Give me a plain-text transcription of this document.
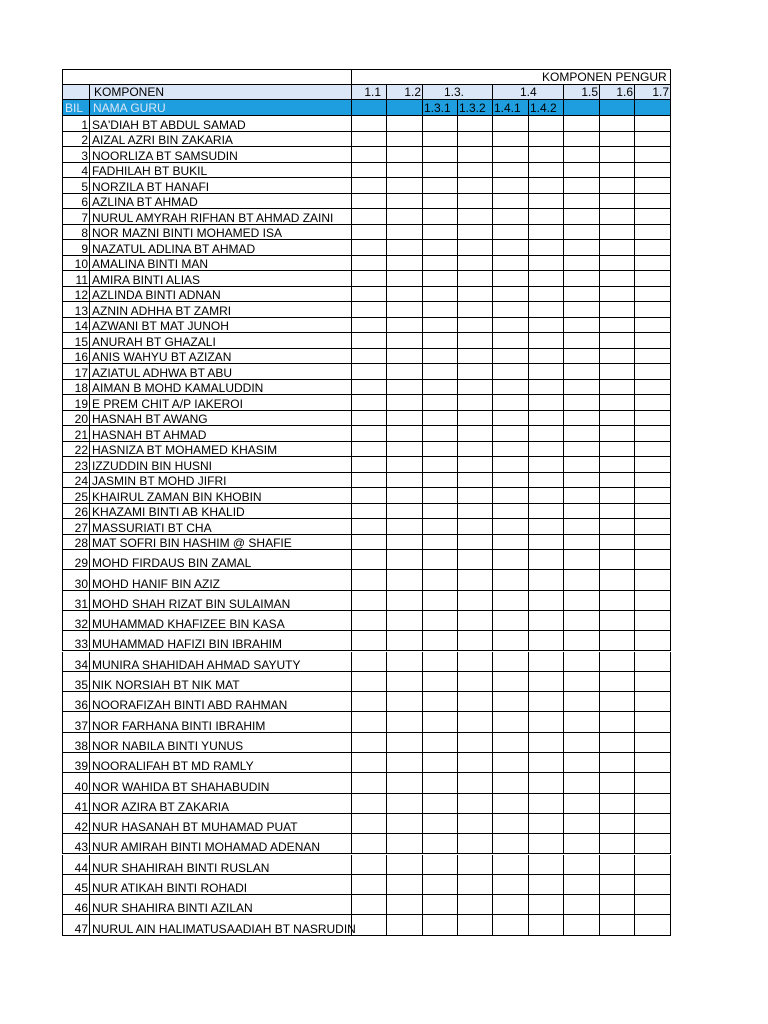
KOMPONEN PENGUR
KOMPONEN	1.1 1.2 1.3.	1.4	1.5 1.6 1.7
BIL NAMA GURU	1.3.1 1.3.2 1.4.1 1.4.2
1 SA'DIAH BT ABDUL SAMAD
2 AIZAL AZRI BIN ZAKARIA
3 NOORLIZA BT SAMSUDIN
4 FADHILAH BT BUKIL
5 NORZILA BT HANAFI
6 AZLINA BT AHMAD
7 NURUL AMYRAH RIFHAN BT AHMAD ZAINI
8 NOR MAZNI BINTI MOHAMED ISA
9 NAZATUL ADLINA BT AHMAD
10 AMALINA BINTI MAN
11 AMIRA BINTI ALIAS
12 AZLINDA BINTI ADNAN
13 AZNIN ADHHA BT ZAMRI
14 AZWANI BT MAT JUNOH
15 ANURAH BT GHAZALI
16 ANIS WAHYU BT AZIZAN
17 AZIATUL ADHWA BT ABU
18 AIMAN B MOHD KAMALUDDIN
19 E PREM CHIT A/P IAKEROI
20 HASNAH BT AWANG
21 HASNAH BT AHMAD
22 HASNIZA BT MOHAMED KHASIM
23 IZZUDDIN BIN HUSNI
24 JASMIN BT MOHD JIFRI
25 KHAIRUL ZAMAN BIN KHOBIN
26 KHAZAMI BINTI AB KHALID
27 MASSURIATI BT CHA
28 MAT SOFRI BIN HASHIM @ SHAFIE
29 MOHD FIRDAUS BIN ZAMAL
30 MOHD HANIF BIN AZIZ
31 MOHD SHAH RIZAT BIN SULAIMAN
32 MUHAMMAD KHAFIZEE BIN KASA
33 MUHAMMAD HAFIZI BIN IBRAHIM
34 MUNIRA SHAHIDAH AHMAD SAYUTY
35 NIK NORSIAH BT NIK MAT
36 NOORAFIZAH BINTI ABD RAHMAN
37 NOR FARHANA BINTI IBRAHIM
38 NOR NABILA BINTI YUNUS
39 NOORALIFAH BT MD RAMLY
40 NOR WAHIDA BT SHAHABUDIN
41 NOR AZIRA BT ZAKARIA
42 NUR HASANAH BT MUHAMAD PUAT
43 NUR AMIRAH BINTI MOHAMAD ADENAN
44 NUR SHAHIRAH BINTI RUSLAN
45 NUR ATIKAH BINTI ROHADI
46 NUR SHAHIRA BINTI AZILAN
47 NURUL AIN HALIMATUSAADIAH BT NASRUDIN
